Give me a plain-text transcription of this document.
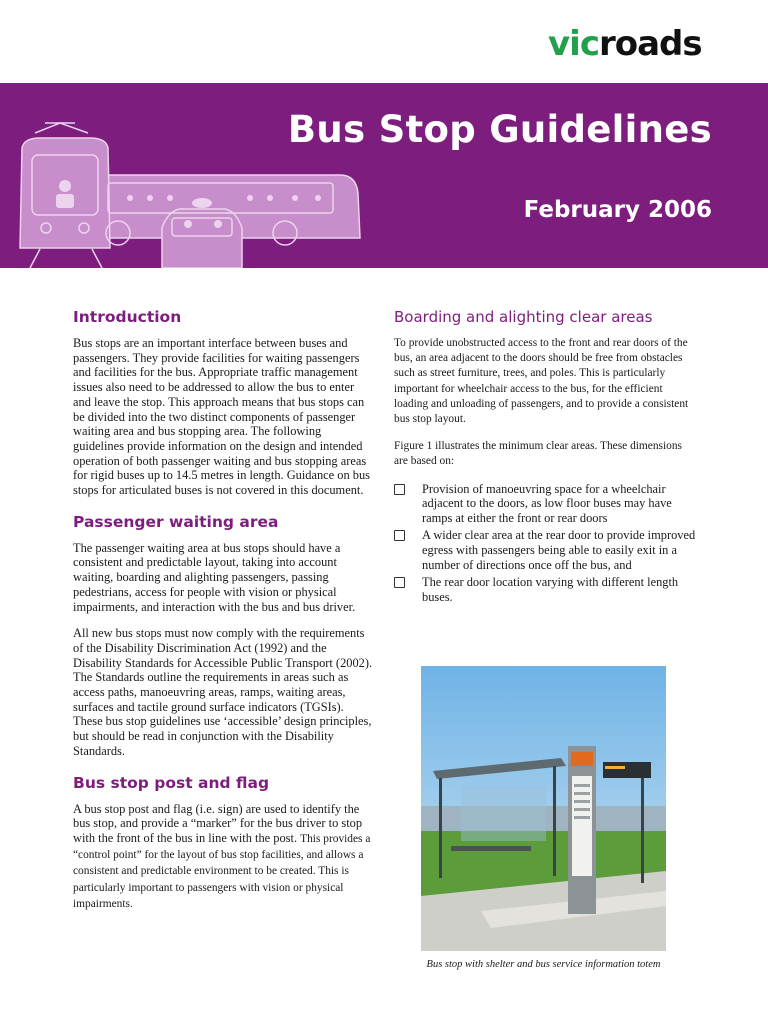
vicroads
Bus Stop Guidelines
February 2006
Introduction

Bus stops are an important interface between buses and passengers. They provide facilities for waiting passengers and facilities for the bus. Appropriate traffic management issues also need to be addressed to allow the bus to enter and leave the stop. This approach means that bus stops can be divided into the two distinct components of passenger waiting area and bus stopping area. The following guidelines provide information on the design and intended operation of both passenger waiting and bus stopping areas for rigid buses up to 14.5 metres in length. Guidance on bus stops for articulated buses is not covered in this document.

Passenger waiting area

The passenger waiting area at bus stops should have a consistent and predictable layout, taking into account waiting, boarding and alighting passengers, passing pedestrians, access for people with vision or physical impairments, and interaction with the bus and bus driver.

All new bus stops must now comply with the requirements of the Disability Discrimination Act (1992) and the Disability Standards for Accessible Public Transport (2002). The Standards outline the requirements in areas such as access paths, manoeuvring areas, ramps, waiting areas, surfaces and tactile ground surface indicators (TGSIs). These bus stop guidelines use ‘accessible’ design principles, but should be read in conjunction with the Disability Standards.

Bus stop post and flag

A bus stop post and flag (i.e. sign) are used to identify the bus stop, and provide a “marker” for the bus driver to stop with the front of the bus in line with the post. This provides a “control point” for the layout of bus stop facilities, and allows a consistent and predictable environment to be created. This is particularly important to passengers with vision or physical impairments.

Boarding and alighting clear areas

To provide unobstructed access to the front and rear doors of the bus, an area adjacent to the doors should be free from obstacles such as street furniture, trees, and poles. This is particularly important for wheelchair access to the bus, for the efficient loading and unloading of passengers, and to provide a consistent bus stop layout.

Figure 1 illustrates the minimum clear areas. These dimensions are based on:

Provision of manoeuvring space for a wheelchair adjacent to the doors, as low floor buses may have ramps at either the front or rear doors
A wider clear area at the rear door to provide improved egress with passengers being able to easily exit in a number of directions once off the bus, and
The rear door location varying with different length buses.
Bus stop with shelter and bus service information totem
